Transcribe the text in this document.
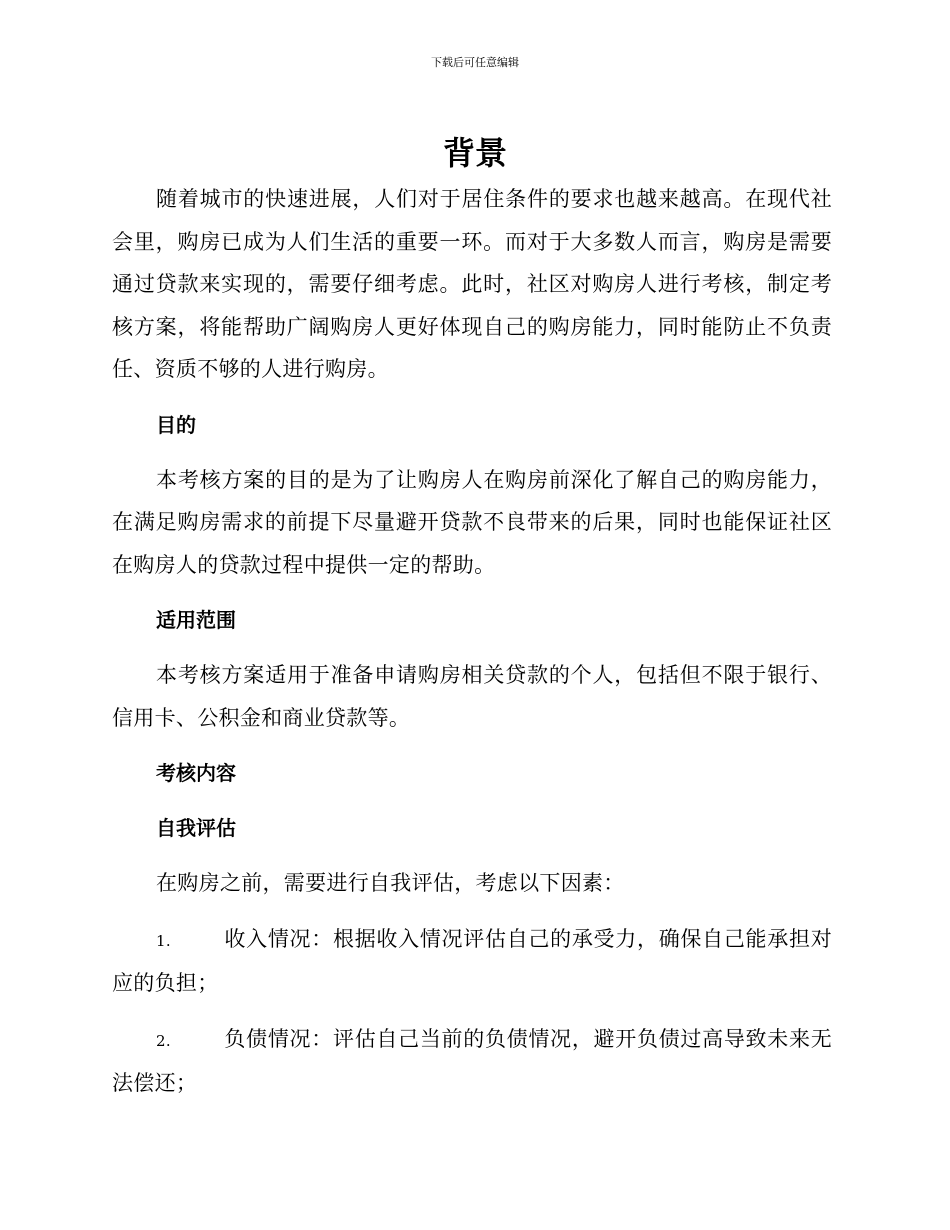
下载后可任意编辑
背景

随着城市的快速进展，人们对于居住条件的要求也越来越高。在现代社会里，购房已成为人们生活的重要一环。而对于大多数人而言，购房是需要通过贷款来实现的，需要仔细考虑。此时，社区对购房人进行考核，制定考核方案，将能帮助广阔购房人更好体现自己的购房能力，同时能防止不负责任、资质不够的人进行购房。

目的

本考核方案的目的是为了让购房人在购房前深化了解自己的购房能力，在满足购房需求的前提下尽量避开贷款不良带来的后果，同时也能保证社区在购房人的贷款过程中提供一定的帮助。

适用范围

本考核方案适用于准备申请购房相关贷款的个人，包括但不限于银行、信用卡、公积金和商业贷款等。

考核内容

自我评估

在购房之前，需要进行自我评估，考虑以下因素：

1.	收入情况：根据收入情况评估自己的承受力，确保自己能承担对应的负担；

2.	负债情况：评估自己当前的负债情况，避开负债过高导致未来无法偿还；
